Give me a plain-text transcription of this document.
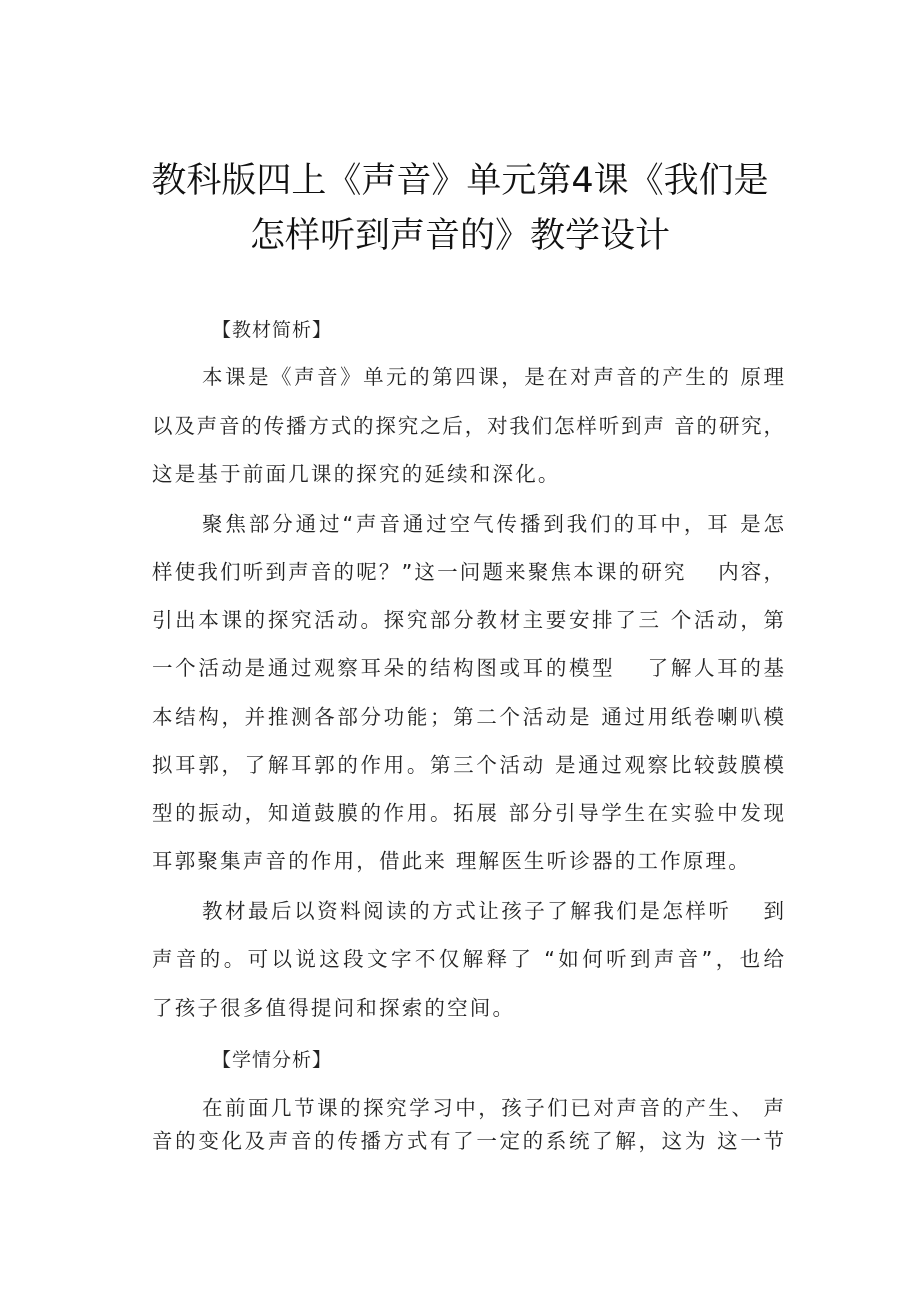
教科版四上《声音》单元第4课《我们是
怎样听到声音的》教学设计
【教材简析】
本课是《声音》单元的第四课，是在对声音的产生的 原理
以及声音的传播方式的探究之后，对我们怎样听到声 音的研究，
这是基于前面几课的探究的延续和深化。
聚焦部分通过“声音通过空气传播到我们的耳中，耳 是怎
样使我们听到声音的呢？”这一问题来聚焦本课的研究　 内容，
引出本课的探究活动。探究部分教材主要安排了三 个活动，第
一个活动是通过观察耳朵的结构图或耳的模型　 了解人耳的基
本结构，并推测各部分功能；第二个活动是 通过用纸卷喇叭模
拟耳郭，了解耳郭的作用。第三个活动 是通过观察比较鼓膜模
型的振动，知道鼓膜的作用。拓展 部分引导学生在实验中发现
耳郭聚集声音的作用，借此来 理解医生听诊器的工作原理。
教材最后以资料阅读的方式让孩子了解我们是怎样听　 到
声音的。可以说这段文字不仅解释了 “如何听到声音”，也给
了孩子很多值得提问和探索的空间。
【学情分析】
在前面几节课的探究学习中，孩子们已对声音的产生、 声
音的变化及声音的传播方式有了一定的系统了解，这为 这一节
